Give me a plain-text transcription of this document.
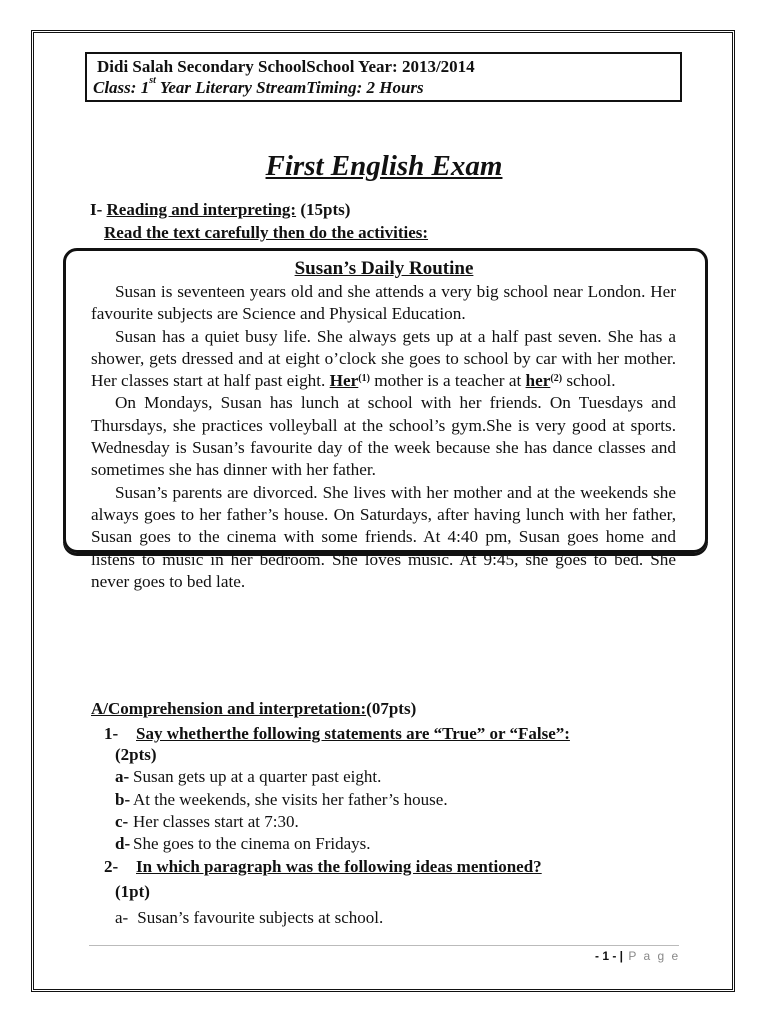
Didi Salah Secondary SchoolSchool Year: 2013/2014
Class: 1st Year Literary StreamTiming: 2 Hours
First English Exam
I- Reading and interpreting: (15pts)
Read the text carefully then do the activities:
Susan’s Daily Routine

Susan is seventeen years old and she attends a very big school near London. Her favourite subjects are Science and Physical Education.

Susan has a quiet busy life. She always gets up at a half past seven. She has a shower, gets dressed and at eight o’clock she goes to school by car with her mother. Her classes start at half past eight. Her$^{(1)}$ mother is a teacher at her$^{(2)}$ school.

On Mondays, Susan has lunch at school with her friends. On Tuesdays and Thursdays, she practices volleyball at the school’s gym.She is very good at sports. Wednesday is Susan’s favourite day of the week because she has dance classes and sometimes she has dinner with her father.

Susan’s parents are divorced. She lives with her mother and at the weekends she always goes to her father’s house. On Saturdays, after having lunch with her father, Susan goes to the cinema with some friends. At 4:40 pm, Susan goes home and listens to music in her bedroom. She loves music. At 9:45, she goes to bed. She never goes to bed late.

A/Comprehension and interpretation:(07pts)
1- Say whetherthe following statements are “True” or “False”:
(2pts)
a- Susan gets up at a quarter past eight.
b- At the weekends, she visits her father’s house.
c- Her classes start at 7:30.
d- She goes to the cinema on Fridays.
2- In which paragraph was the following ideas mentioned?
(1pt)
a- Susan’s favourite subjects at school.
- 1 - | P a g e
